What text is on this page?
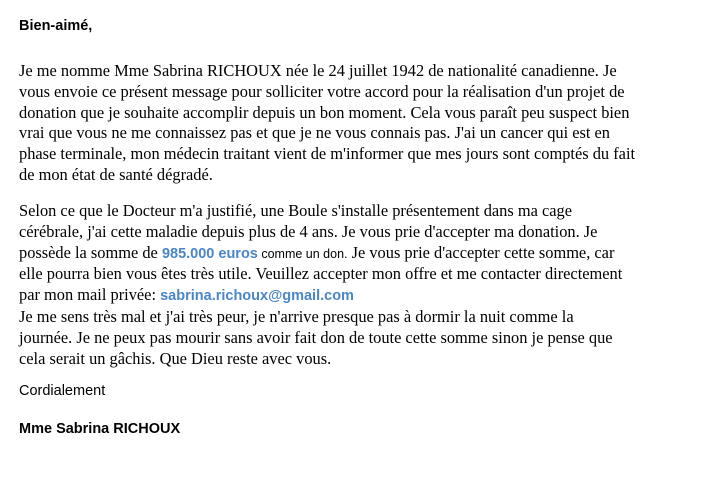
Bien-aimé,
Je me nomme Mme Sabrina RICHOUX née le 24 juillet 1942 de nationalité canadienne. Je
vous envoie ce présent message pour solliciter votre accord pour la réalisation d'un projet de
donation que je souhaite accomplir depuis un bon moment. Cela vous paraît peu suspect bien
vrai que vous ne me connaissez pas et que je ne vous connais pas. J'ai un cancer qui est en
phase terminale, mon médecin traitant vient de m'informer que mes jours sont comptés du fait
de mon état de santé dégradé.
Selon ce que le Docteur m'a justifié, une Boule s'installe présentement dans ma cage
cérébrale, j'ai cette maladie depuis plus de 4 ans. Je vous prie d'accepter ma donation. Je
possède la somme de 985.000 euros comme un don. Je vous prie d'accepter cette somme, car
elle pourra bien vous êtes très utile. Veuillez accepter mon offre et me contacter directement
par mon mail privée: sabrina.richoux@gmail.com
Je me sens très mal et j'ai très peur, je n'arrive presque pas à dormir la nuit comme la
journée. Je ne peux pas mourir sans avoir fait don de toute cette somme sinon je pense que
cela serait un gâchis. Que Dieu reste avec vous.
Cordialement
Mme Sabrina RICHOUX
